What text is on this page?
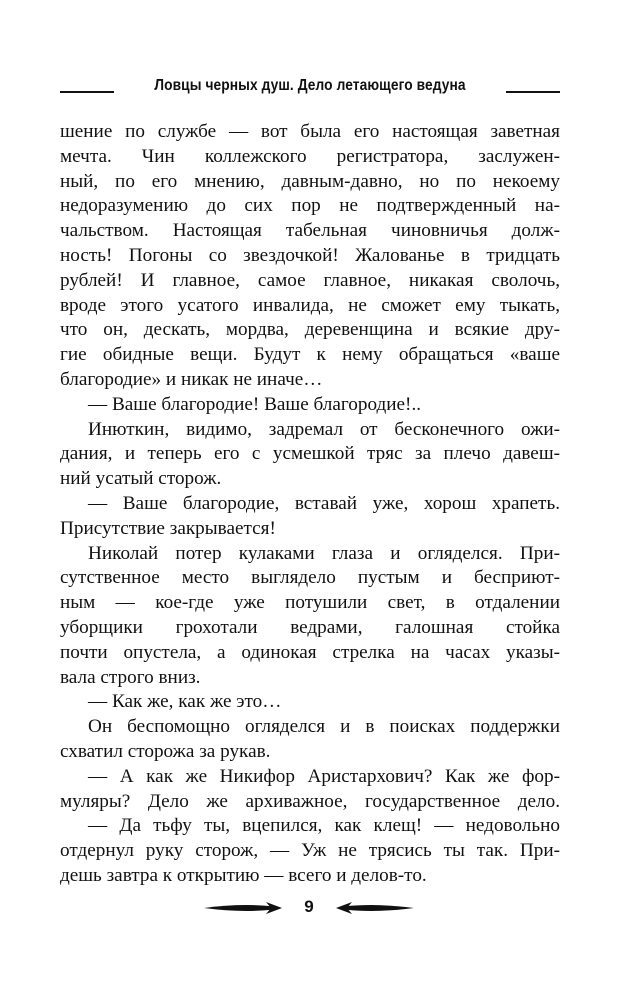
Ловцы черных душ. Дело летающего ведуна
шение по службе — вот была его настоящая заветная
мечта. Чин коллежского регистратора, заслужен-
ный, по его мнению, давным-давно, но по некоему
недоразумению до сих пор не подтвержденный на-
чальством. Настоящая табельная чиновничья долж-
ность! Погоны со звездочкой! Жалованье в тридцать
рублей! И главное, самое главное, никакая сволочь,
вроде этого усатого инвалида, не сможет ему тыкать,
что он, дескать, мордва, деревенщина и всякие дру-
гие обидные вещи. Будут к нему обращаться «ваше
благородие» и никак не иначе…
— Ваше благородие! Ваше благородие!..
Инюткин, видимо, задремал от бесконечного ожи-
дания, и теперь его с усмешкой тряс за плечо давеш-
ний усатый сторож.
— Ваше благородие, вставай уже, хорош храпеть.
Присутствие закрывается!
Николай потер кулаками глаза и огляделся. При-
сутственное место выглядело пустым и бесприют-
ным — кое-где уже потушили свет, в отдалении
уборщики грохотали ведрами, галошная стойка
почти опустела, а одинокая стрелка на часах указы-
вала строго вниз.
— Как же, как же это…
Он беспомощно огляделся и в поисках поддержки
схватил сторожа за рукав.
— А как же Никифор Аристархович? Как же фор-
муляры? Дело же архиважное, государственное дело.
— Да тьфу ты, вцепился, как клещ! — недовольно
отдернул руку сторож, — Уж не трясись ты так. При-
дешь завтра к открытию — всего и делов-то.
9
